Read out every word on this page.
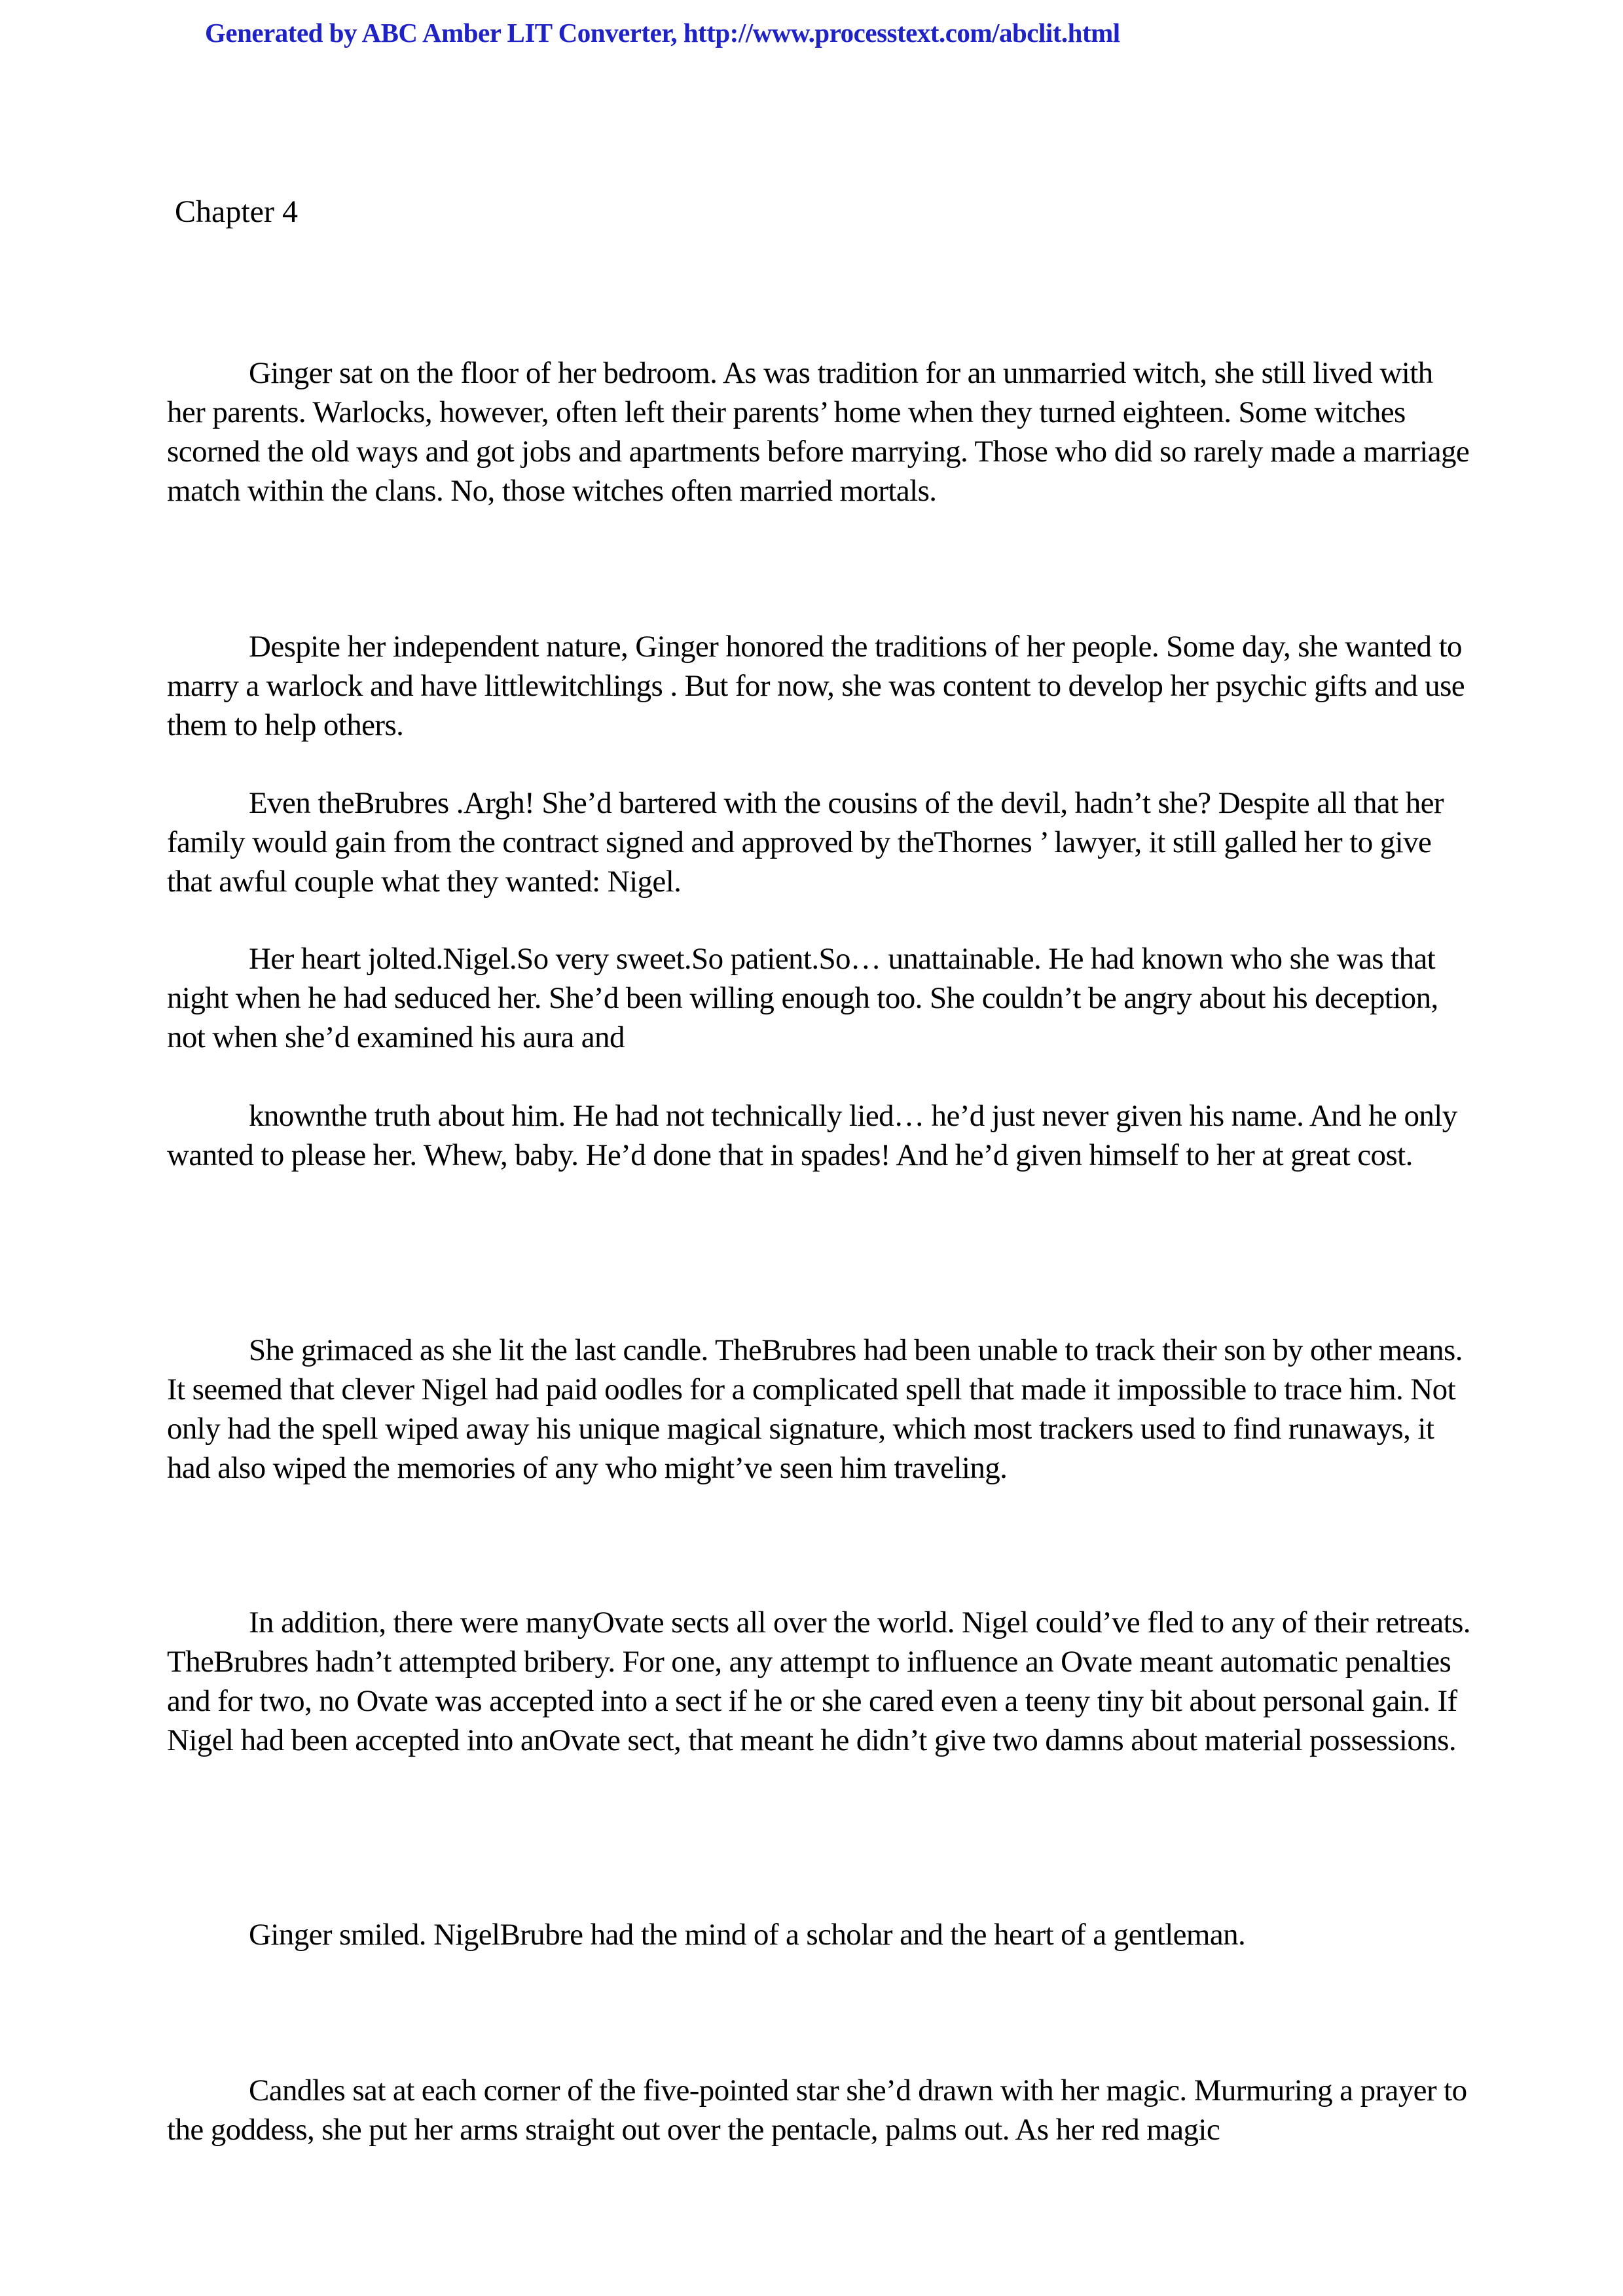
Generated by ABC Amber LIT Converter, http://www.processtext.com/abclit.html
Chapter 4

Ginger sat on the floor of her bedroom. As was tradition for an unmarried witch, she still lived with her parents. Warlocks, however, often left their parents’ home when they turned eighteen. Some witches scorned the old ways and got jobs and apartments before marrying. Those who did so rarely made a marriage match within the clans. No, those witches often married mortals.

Despite her independent nature, Ginger honored the traditions of her people. Some day, she wanted to marry a warlock and have littlewitchlings . But for now, she was content to develop her psychic gifts and use them to help others.

Even theBrubres .Argh! She’d bartered with the cousins of the devil, hadn’t she? Despite all that her family would gain from the contract signed and approved by theThornes ’ lawyer, it still galled her to give that awful couple what they wanted: Nigel.

Her heart jolted.Nigel.So very sweet.So patient.So… unattainable. He had known who she was that night when he had seduced her. She’d been willing enough too. She couldn’t be angry about his deception, not when she’d examined his aura and

knownthe truth about him. He had not technically lied… he’d just never given his name. And he only wanted to please her. Whew, baby. He’d done that in spades! And he’d given himself to her at great cost.

She grimaced as she lit the last candle. TheBrubres had been unable to track their son by other means. It seemed that clever Nigel had paid oodles for a complicated spell that made it impossible to trace him. Not only had the spell wiped away his unique magical signature, which most trackers used to find runaways, it had also wiped the memories of any who might’ve seen him traveling.

In addition, there were manyOvate sects all over the world. Nigel could’ve fled to any of their retreats. TheBrubres hadn’t attempted bribery. For one, any attempt to influence an Ovate meant automatic penalties and for two, no Ovate was accepted into a sect if he or she cared even a teeny tiny bit about personal gain. If Nigel had been accepted into anOvate sect, that meant he didn’t give two damns about material possessions.

Ginger smiled. NigelBrubre had the mind of a scholar and the heart of a gentleman.

Candles sat at each corner of the five-pointed star she’d drawn with her magic. Murmuring a prayer to the goddess, she put her arms straight out over the pentacle, palms out. As her red magic
